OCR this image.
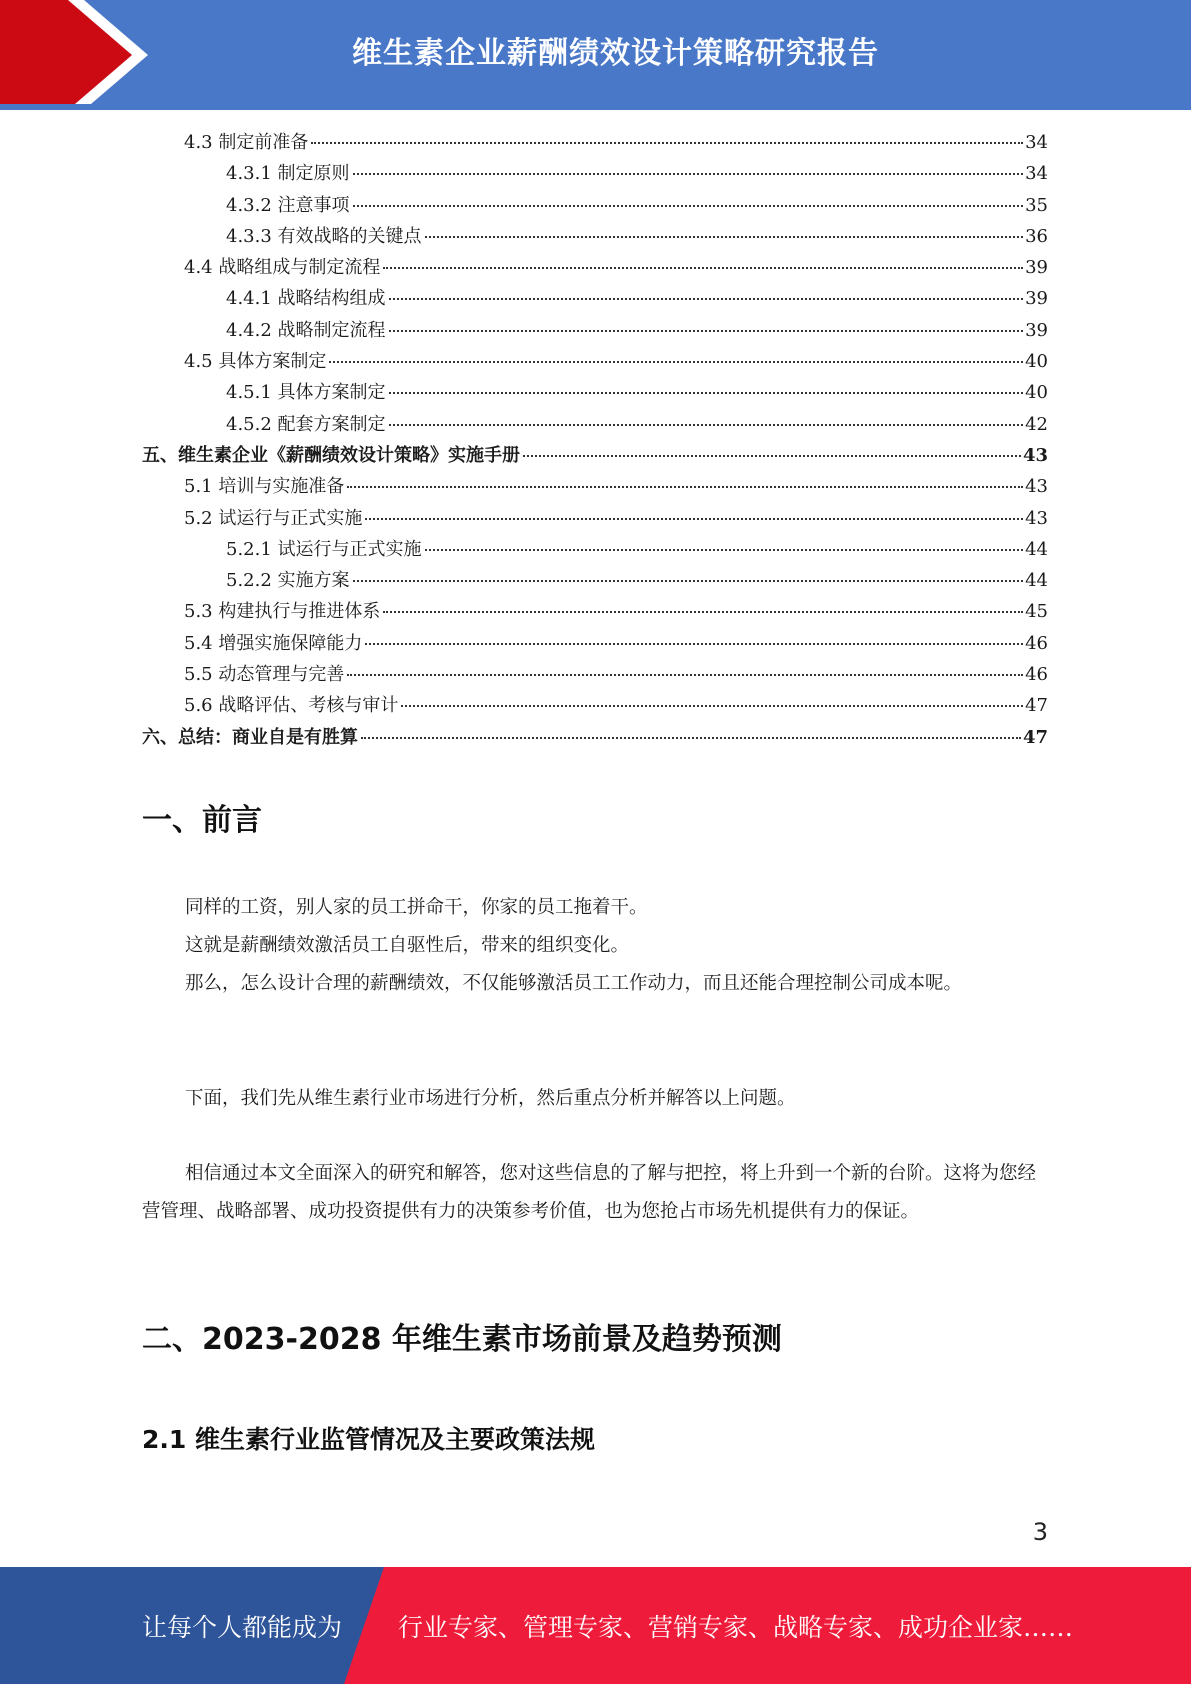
维生素企业薪酬绩效设计策略研究报告
4.3 制定前准备	34
4.3.1 制定原则	34
4.3.2 注意事项	35
4.3.3 有效战略的关键点	36
4.4 战略组成与制定流程	39
4.4.1 战略结构组成	39
4.4.2 战略制定流程	39
4.5 具体方案制定	40
4.5.1 具体方案制定	40
4.5.2 配套方案制定	42
五、维生素企业《薪酬绩效设计策略》实施手册	43
5.1 培训与实施准备	43
5.2 试运行与正式实施	43
5.2.1 试运行与正式实施	44
5.2.2 实施方案	44
5.3 构建执行与推进体系	45
5.4 增强实施保障能力	46
5.5 动态管理与完善	46
5.6 战略评估、考核与审计	47
六、总结：商业自是有胜算	47
一、前言

同样的工资，别人家的员工拼命干，你家的员工拖着干。

这就是薪酬绩效激活员工自驱性后，带来的组织变化。

那么，怎么设计合理的薪酬绩效，不仅能够激活员工工作动力，而且还能合理控制公司成本呢。

下面，我们先从维生素行业市场进行分析，然后重点分析并解答以上问题。

相信通过本文全面深入的研究和解答，您对这些信息的了解与把控，将上升到一个新的台阶。这将为您经营管理、战略部署、成功投资提供有力的决策参考价值，也为您抢占市场先机提供有力的保证。

二、2023-2028 年维生素市场前景及趋势预测
2.1 维生素行业监管情况及主要政策法规
3
让每个人都能成为 行业专家、管理专家、营销专家、战略专家、成功企业家……
